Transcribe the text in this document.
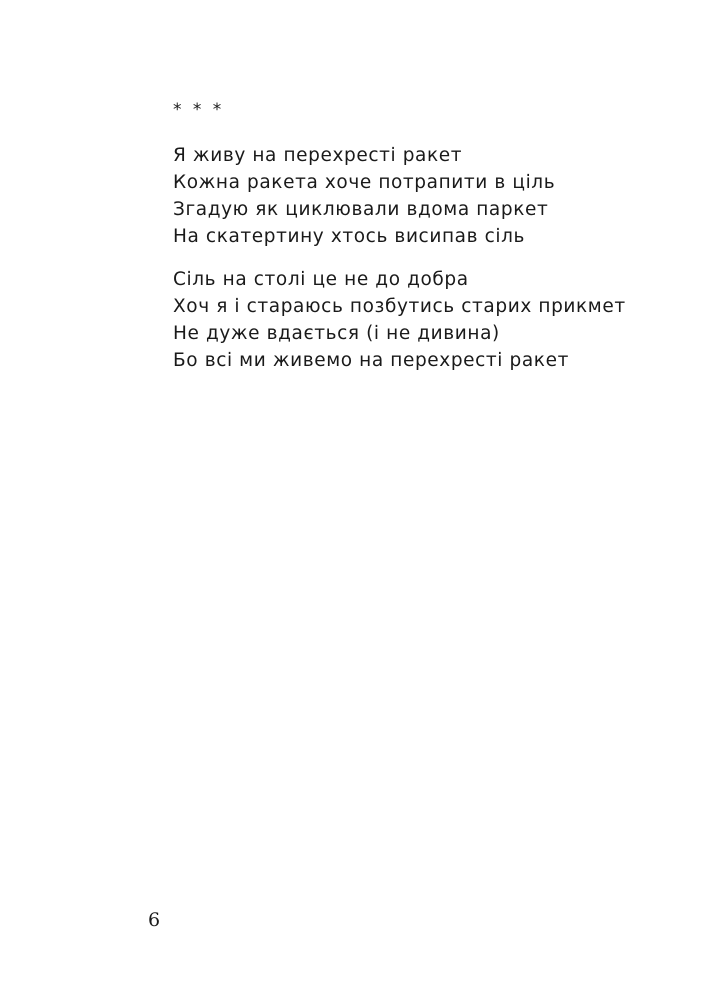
* * *
Я живу на перехресті ракет
Кожна ракета хоче потрапити в ціль
Згадую як циклювали вдома паркет
На скатертину хтось висипав сіль
Сіль на столі це не до добра
Хоч я і стараюсь позбутись старих прикмет
Не дуже вдається (і не дивина)
Бо всі ми живемо на перехресті ракет
6
